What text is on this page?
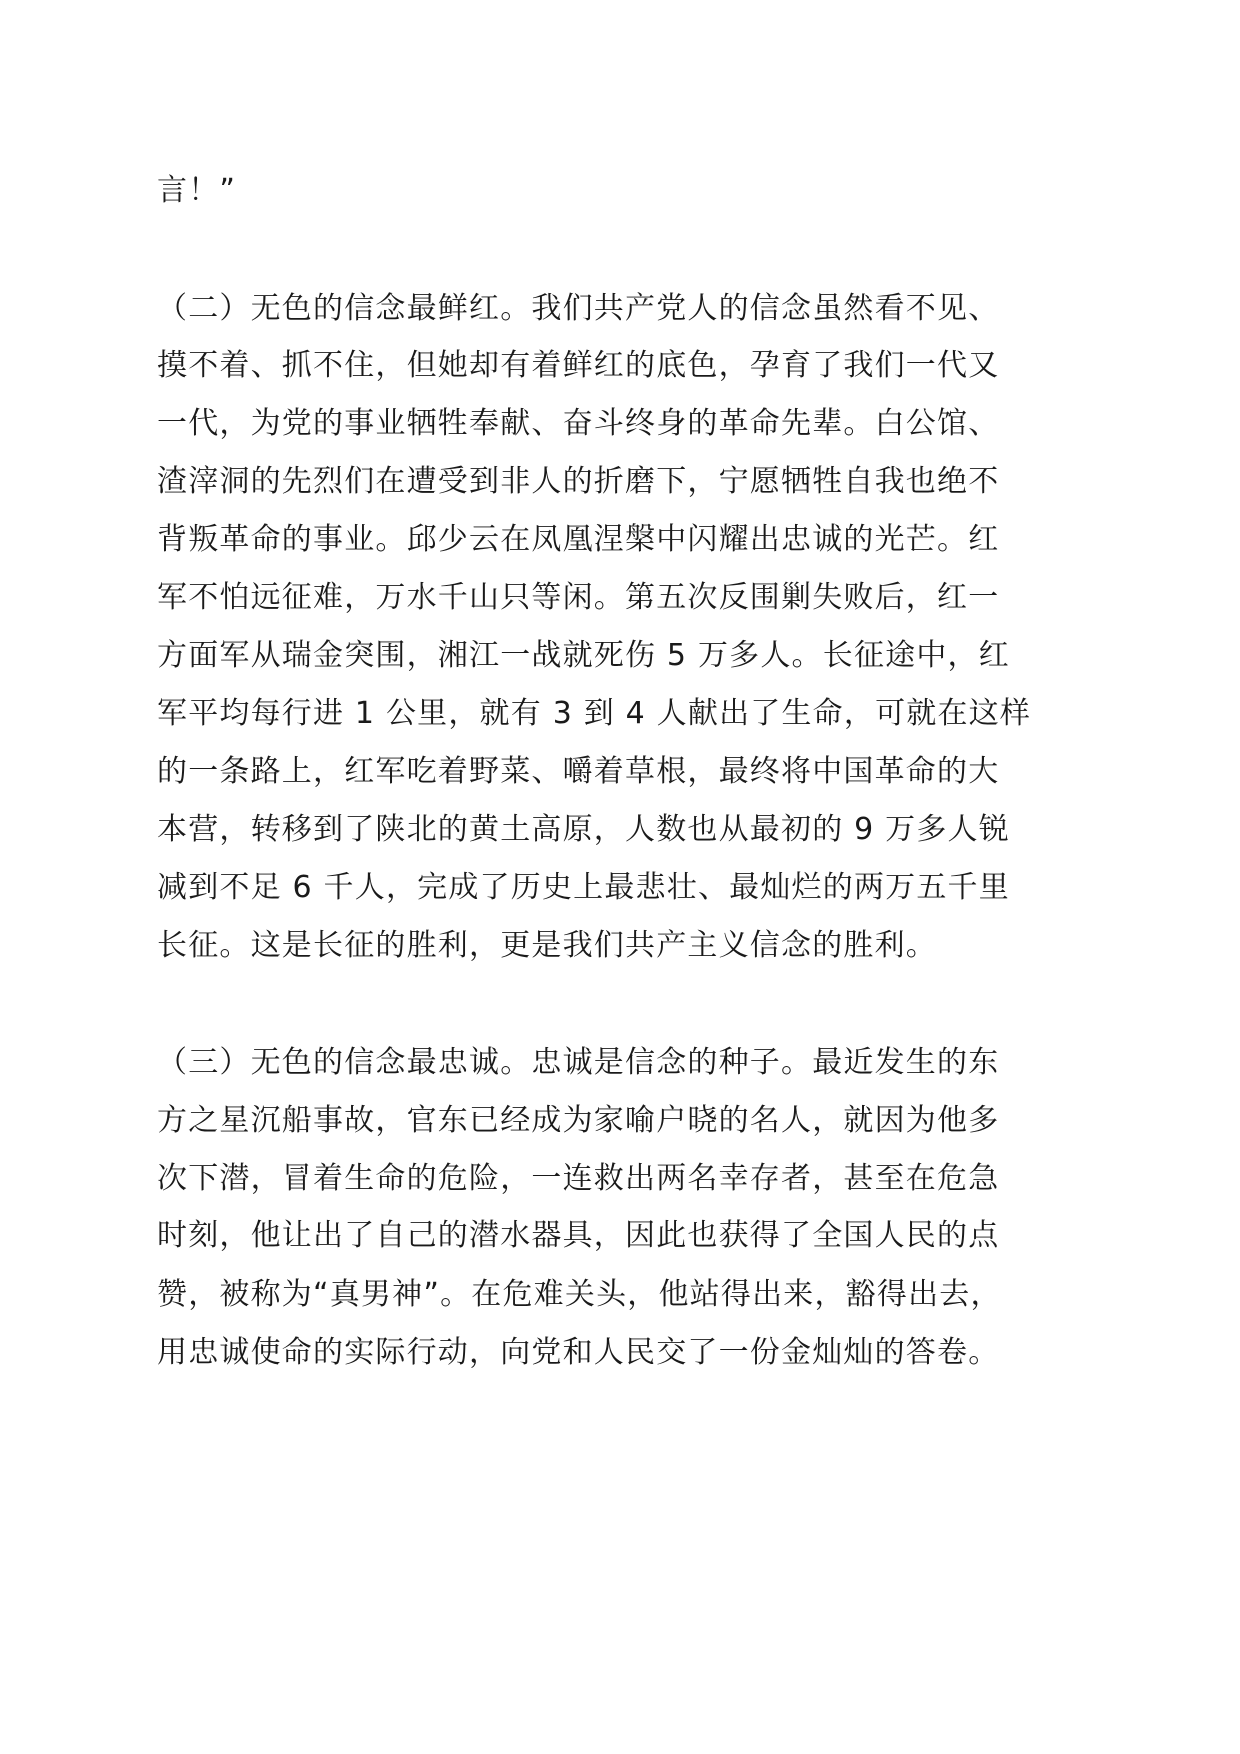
言！”
（二）无色的信念最鲜红。我们共产党人的信念虽然看不见、
摸不着、抓不住，但她却有着鲜红的底色，孕育了我们一代又
一代，为党的事业牺牲奉献、奋斗终身的革命先辈。白公馆、
渣滓洞的先烈们在遭受到非人的折磨下，宁愿牺牲自我也绝不
背叛革命的事业。邱少云在凤凰涅槃中闪耀出忠诚的光芒。红
军不怕远征难，万水千山只等闲。第五次反围剿失败后，红一
方面军从瑞金突围，湘江一战就死伤 5 万多人。长征途中，红
军平均每行进 1 公里，就有 3 到 4 人献出了生命，可就在这样
的一条路上，红军吃着野菜、嚼着草根，最终将中国革命的大
本营，转移到了陕北的黄土高原，人数也从最初的 9 万多人锐
减到不足 6 千人，完成了历史上最悲壮、最灿烂的两万五千里
长征。这是长征的胜利，更是我们共产主义信念的胜利。
（三）无色的信念最忠诚。忠诚是信念的种子。最近发生的东
方之星沉船事故，官东已经成为家喻户晓的名人，就因为他多
次下潜，冒着生命的危险，一连救出两名幸存者，甚至在危急
时刻，他让出了自己的潜水器具，因此也获得了全国人民的点
赞，被称为“真男神”。在危难关头，他站得出来，豁得出去，
用忠诚使命的实际行动，向党和人民交了一份金灿灿的答卷。
